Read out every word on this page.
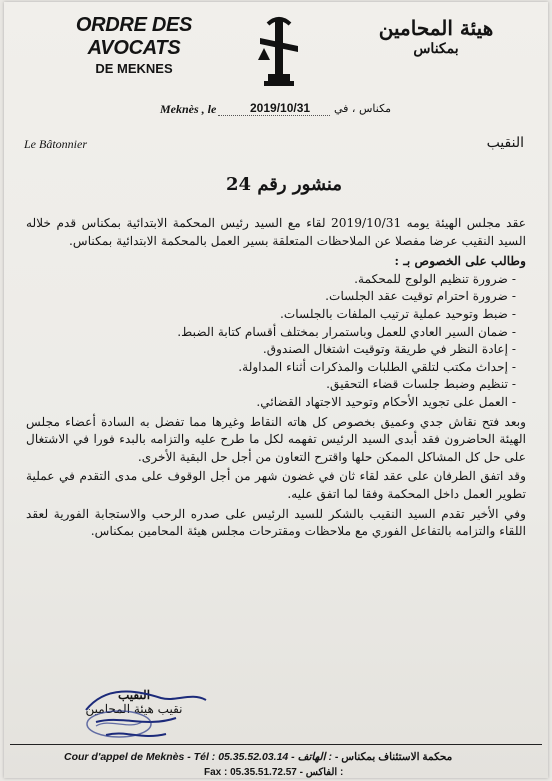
ORDRE DES AVOCATS
DE MEKNES
هيئة المحامين
بمكناس
Meknès , le	2019/10/31 مكناس ، في
Le Bâtonnier	النقيب
منشور رقم 24

عقد مجلس الهيئة يومه 2019/10/31 لقاء مع السيد رئيس المحكمة الابتدائية بمكناس قدم خلاله السيد النقيب عرضا مفصلا عن الملاحظات المتعلقة بسير العمل بالمحكمة الابتدائية بمكناس.

وطالب على الخصوص بـ :

- ضرورة تنظيم الولوج للمحكمة.
- ضرورة احترام توقيت عقد الجلسات.
- ضبط وتوحيد عملية ترتيب الملفات بالجلسات.
- ضمان السير العادي للعمل وباستمرار بمختلف أقسام كتابة الضبط.
- إعادة النظر في طريقة وتوقيت اشتغال الصندوق.
- إحداث مكتب لتلقي الطلبات والمذكرات أثناء المداولة.
- تنظيم وضبط جلسات قضاء التحقيق.
- العمل على تجويد الأحكام وتوحيد الاجتهاد القضائي.

وبعد فتح نقاش جدي وعميق بخصوص كل هاته النقاط وغيرها مما تفضل به السادة أعضاء مجلس الهيئة الحاضرون فقد أبدى السيد الرئيس تفهمه لكل ما طرح عليه والتزامه بالبدء فورا في الاشتغال على حل كل المشاكل الممكن حلها واقترح التعاون من أجل حل البقية الأخرى.

وقد اتفق الطرفان على عقد لقاء ثان في غضون شهر من أجل الوقوف على مدى التقدم في عملية تطوير العمل داخل المحكمة وفقا لما اتفق عليه.

وفي الأخير تقدم السيد النقيب بالشكر للسيد الرئيس على صدره الرحب والاستجابة الفورية لعقد اللقاء والتزامه بالتفاعل الفوري مع ملاحظات ومقترحات مجلس هيئة المحامين بمكناس.

النقيب
نقيب هيئة المحامين
Cour d'appel de Meknès - Tél : 05.35.52.03.14 - الهاتف : محكمة الاستئناف بمكناس -
Fax : 05.35.51.72.57 - الفاكس :
